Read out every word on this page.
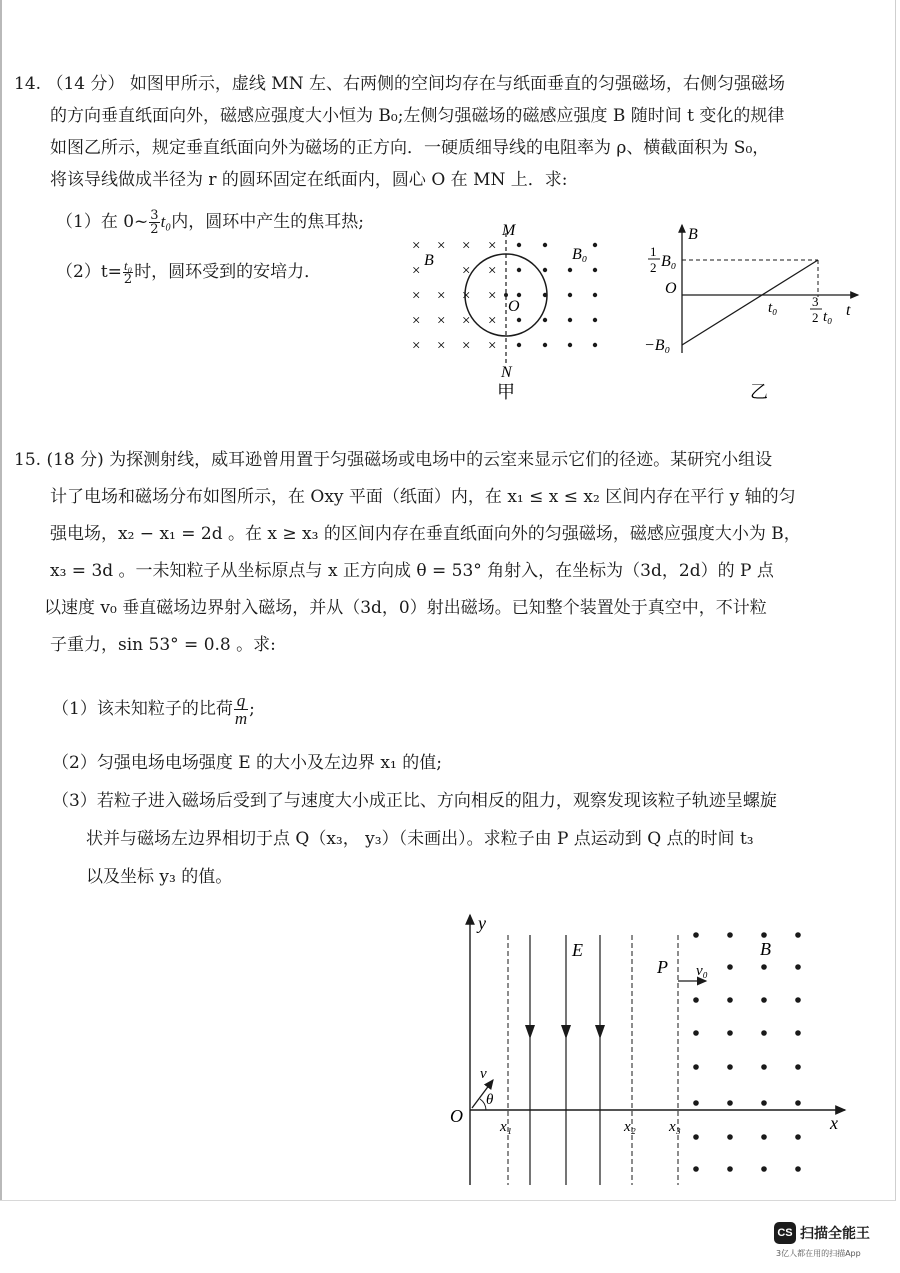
14. （14 分） 如图甲所示，虚线 MN 左、右两侧的空间均存在与纸面垂直的匀强磁场，右侧匀强磁场
的方向垂直纸面向外，磁感应强度大小恒为 B₀;左侧匀强磁场的磁感应强度 B 随时间 t 变化的规律
如图乙所示，规定垂直纸面向外为磁场的正方向．一硬质细导线的电阻率为 ρ、横截面积为 S₀，
将该导线做成半径为 r 的圆环固定在纸面内，圆心 O 在 MN 上．求:
（1）在 0~ $\frac{3}{2} t_0$内，圆环中产生的焦耳热;
$(2)t= \frac{\text{t₀}}{2}$ 时，圆环受到的安培力．
× × × ×
×	× ×
× × × ×
× × × ×
× × × ×
M
N
O
B	B₀
甲
B
t
O
1
2 B₀
−B₀
t₀	3
2 t₀
乙
15. (18 分) 为探测射线，威耳逊曾用置于匀强磁场或电场中的云室来显示它们的径迹。某研究小组设
计了电场和磁场分布如图所示，在 Oxy 平面（纸面）内，在 x₁ ≤ x ≤ x₂ 区间内存在平行 y 轴的匀
强电场，x₂ − x₁ = 2d 。在 x ≥ x₃ 的区间内存在垂直纸面向外的匀强磁场，磁感应强度大小为 B，
x₃ = 3d 。一未知粒子从坐标原点与 x 正方向成 θ = 53° 角射入，在坐标为（3d，2d）的 P 点
以速度 v₀ 垂直磁场边界射入磁场，并从（3d，0）射出磁场。已知整个装置处于真空中，不计粒
子重力，sin 53° = 0.8 。求:
（1）该未知粒子的比荷 $\frac{q}{m}$ ;
（2）匀强电场电场强度 E 的大小及左边界 x₁ 的值;
（3）若粒子进入磁场后受到了与速度大小成正比、方向相反的阻力，观察发现该粒子轨迹呈螺旋
状并与磁场左边界相切于点 Q（x₃， y₃）（未画出）。求粒子由 P 点运动到 Q 点的时间 t₃
以及坐标 y₃ 的值。
y
x
O
E	B
P v₀
v
θ
x₁	x₂ x₃
CS 扫描全能王
3亿人都在用的扫描App
